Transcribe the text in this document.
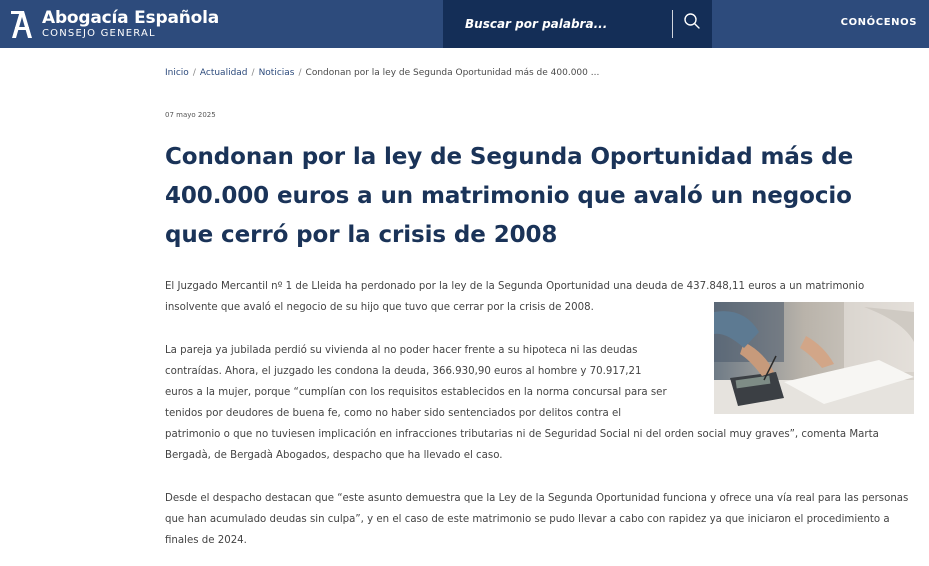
Abogacía Española
CONSEJO GENERAL
Buscar por palabra...
CONÓCENOS
Inicio / Actualidad / Noticias / Condonan por la ley de Segunda Oportunidad más de 400.000 ...
07 mayo 2025
Condonan por la ley de Segunda Oportunidad más de 400.000 euros a un matrimonio que avaló un negocio que cerró por la crisis de 2008

El Juzgado Mercantil nº 1 de Lleida ha perdonado por la ley de la Segunda Oportunidad una deuda de 437.848,11 euros a un matrimonio insolvente que avaló el negocio de su hijo que tuvo que cerrar por la crisis de 2008.

La pareja ya jubilada perdió su vivienda al no poder hacer frente a su hipoteca ni las deudas contraídas. Ahora, el juzgado les condona la deuda, 366.930,90 euros al hombre y 70.917,21 euros a la mujer, porque “cumplían con los requisitos establecidos en la norma concursal para ser tenidos por deudores de buena fe, como no haber sido sentenciados por delitos contra el patrimonio o que no tuviesen implicación en infracciones tributarias ni de Seguridad Social ni del orden social muy graves”, comenta Marta Bergadà, de Bergadà Abogados, despacho que ha llevado el caso.

Desde el despacho destacan que “este asunto demuestra que la Ley de la Segunda Oportunidad funciona y ofrece una vía real para las personas que han acumulado deudas sin culpa”, y en el caso de este matrimonio se pudo llevar a cabo con rapidez ya que iniciaron el procedimiento a finales de 2024.
